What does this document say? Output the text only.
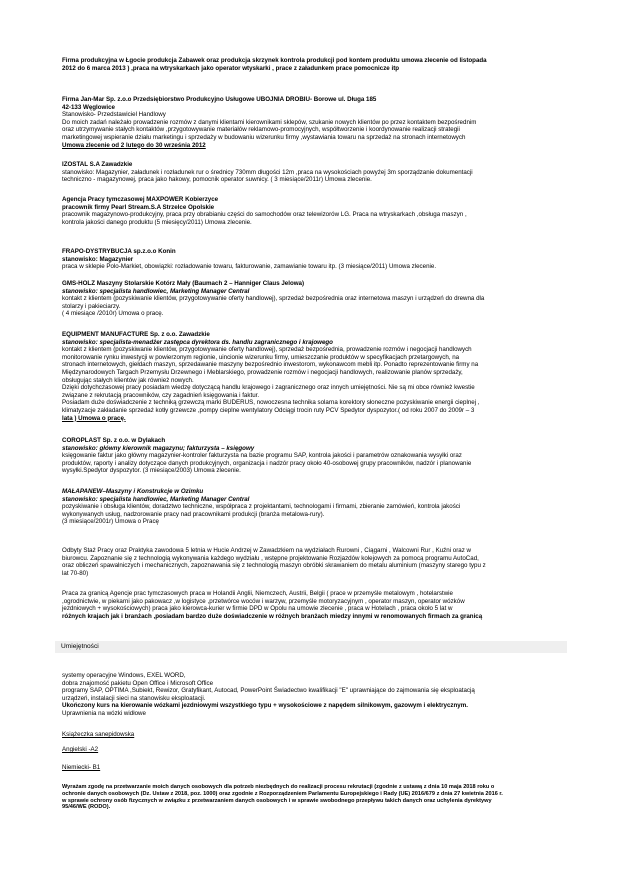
Firma produkcyjna w Łgocie produkcja Zabawek oraz produkcja skrzynek kontrola produkcji pod kontem produktu umowa zlecenie od listopada

2012 do 6 marca 2013 ) ,praca na wtryskarkach jako operator wtyskarki , prace z załadunkem prace pomocnicze itp

Firma Jan-Mar Sp. z.o.o Przedsiębiorstwo Produkcyjno Usługowe UBOJNIA DROBIU- Borowe ul. Długa 185

42-133 Węglowice

Stanowisko- Przedstawiciel Handlowy

Do moich zadań należało prowadzenie rozmów z danymi klientami kierownikami sklepów, szukanie nowych klientów po przez kontaktem bezpośrednim

oraz utrzymywanie stałych kontaktów ,przygotowywanie materiałów reklamowo-promocyjnych, współtworzenie i koordynowanie realizacji strategii

marketingowej wspieranie działu marketingu i sprzedaży w budowaniu wizerunku firmy ,wystawiania towaru na sprzedaż na stronach internetowych

Umowa zlecenie od 2 lutego do 30 września 2012

IZOSTAL S.A Zawadzkie

stanowisko: Magazynier, załadunek i rozładunek rur o średnicy 730mm długości 12m ,praca na wysokościach powyżej 3m sporządzanie dokumentacji

techniczno - magazynowej, praca jako hakowy, pomocnik operator suwnicy. ( 3 miesiące/2011r) Umowa zlecenie.

Agencja Pracy tymczasowej MAXPOWER Kobierzyce

pracownik firmy Pearl Stream.S.A Strzelce Opolskie

pracownik magazynowo-produkcyjny, praca przy obrabianiu części do samochodów oraz telewizorów LG. Praca na wtryskarkach ,obsługa maszyn ,

kontrola jakości danego produktu (5 miesięcy/2011) Umowa zlecenie.

FRAPO-DYSTRYBUCJA sp.z.o.o Konin

stanowisko: Magazynier

praca w sklepie Polo-Markiet, obowiązki: rozładowanie towaru, fakturowanie, zamawianie towaru itp. (3 miesiące/2011) Umowa zlecenie.

GMS-HOLZ Maszyny Stolarskie Kotórz Mały (Baumach 2 – Hanniger Claus Jelowa)

stanowisko: specjalista handlowiec, Marketing Manager Central

kontakt z klientem (pozyskiwanie klientów, przygotowywanie oferty handlowej), sprzedaż bezpośrednia oraz internetowa maszyn i urządzeń do drewna dla

stolarzy i pakieciarzy.

( 4 miesiące /2010r) Umowa o pracę.

EQUIPMENT MANUFACTURE Sp. z o.o. Zawadzkie

stanowisko: specjalista-menadżer zastępca dyrektora ds. handlu zagranicznego i krajowego

kontakt z klientem (pozyskiwanie klientów, przygotowywanie oferty handlowej), sprzedaż bezpośrednia, prowadzenie rozmów i negocjacji handlowych

monitorowanie rynku inwestycji w powierzonym regionie, uincionie wizerunku firmy, umieszczanie produktów w specyfikacjach przetargowych, na

stronach internetowych, giełdach maszyn, sprzedawanie maszyny bezpośrednio inwestorom, wykonawcom mebli itp. Ponadto reprezentowanie firmy na

Międzynarodowych Targach Przemysłu Drzewnego i Meblarskiego, prowadzenie rozmów i negocjacji handlowych, realizowanie planów sprzedaży,

obsługując stałych klientów jak również nowych.

Dzięki dotychczasowej pracy posiadam wiedzę dotyczącą handlu krajowego i zagranicznego oraz innych umiejętności. Nie są mi obce również kwestie

związane z rekrutacją pracowników, czy zagadnień księgowania i faktur.

Posiadam duże doświadczenie z techniką grzewczą marki BUDERUS, nowoczesna technika solarna korektory słoneczne pozyskiwanie energii cieplnej ,

klimatyzacje zakładanie sprzedaż kotły grzewcze ,pompy cieplne wentylatory Odciągi trocin ruty PCV Spedytor dyspozytor.( od roku 2007 do 2009r – 3

lata ) Umowa o pracę.

COROPLAST Sp. z o.o. w Dylakach

stanowisko: główny kierownik magazynu; fakturzysta – księgowy

księgowanie faktur jako główny magazynier-kontroler fakturzysta na bazie programu SAP, kontrola jakości i parametrów oznakowania wysyłki oraz

produktów, raporty i analizy dotyczące danych produkcyjnych, organizacja i nadzór pracy około 40-osobowej grupy pracowników, nadzór i planowanie

wysyłki.Spedytor dyspozytor. (3 miesiące/2003) Umowa zlecenie.

MAŁAPANEW–Maszyny i Konstrukcje w Ozimku

stanowisko: specjalista handlowiec, Marketing Manager Central

pozyskiwanie i obsługa klientów, doradztwo techniczne, współpraca z projektantami, technologami i firmami, zbieranie zamówień, kontrola jakości

wykonywanych usług, nadzorowanie pracy nad pracownikami produkcji (branża metalowa-rury).

(3 miesiące/2001r) Umowa o Pracę

Odbyty Staż Pracy oraz Praktyka zawodowa 5 letnia w Hucie Andrzej w Zawadzkiem na wydziałach Rurowni , Ciągarni , Walcowni Rur , Kuźni oraz w

biurowcu. Zapoznanie się z technologią wykonywania każdego wydziału , wstępne projektowanie Rozjazdów kolejowych za pomocą programu AutoCad,

oraz obliczeń spawalniczych i mechanicznych, zapoznawania się z technologią maszyn obróbki skrawaniem do metalu aluminium (maszyny starego typu z

lat 70-80)

Praca za granicą Agencje prac tymczasowych praca w Holandii Anglii, Niemczech, Austrii, Belgii ( prace w przemyśle metalowym , hotelarstwie

,ogrodnictwie, w piekarni jako pakowacz ,w logistyce ,przetwórce woców i warzyw, przemyśle motoryzacyjnym , operator maszyn, operator wózków

jezdniowych + wysokościowych) praca jako kierowca-kurier w firmie DPD w Opolu na umowie zlecenie , praca w Hotelach , praca około 5 lat w

różnych krajach jak i branżach ,posiadam bardzo duże doświadczenie w różnych branżach miedzy innymi w renomowanych firmach za granicą

systemy operacyjne Windows, EXEL WORD,

dobra znajomość pakietu Open Office i Microsoft Office

programy SAP, OPTIMA ,Subiekt, Rewizor, Gratyfikant, Autocad, PowerPoint Świadectwo kwalifikacji "E" uprawniające do zajmowania się eksploatacją

urządzeń, instalacji sieci na stanowisku eksploatacji.

Ukończony kurs na kierowanie wózkami jezdniowymi wszystkiego typu + wysokościowe z napędem silnikowym, gazowym i elektrycznym.

Uprawnienia na wózki widłowe

Książeczka sanepidowska

Angielski -A2

Niemiecki- B1

Wyrażam zgodę na przetwarzanie moich danych osobowych dla potrzeb niezbędnych do realizacji procesu rekrutacji (zgodnie z ustawą z dnia 10 maja 2018 roku o

ochronie danych osobowych (Dz. Ustaw z 2018, poz. 1000) oraz zgodnie z Rozporządzeniem Parlamentu Europejskiego i Rady (UE) 2016/679 z dnia 27 kwietnia 2016 r.

w sprawie ochrony osób fizycznych w związku z przetwarzaniem danych osobowych i w sprawie swobodnego przepływu takich danych oraz uchylenia dyrektywy

95/46/WE (RODO).

Umiejętności
